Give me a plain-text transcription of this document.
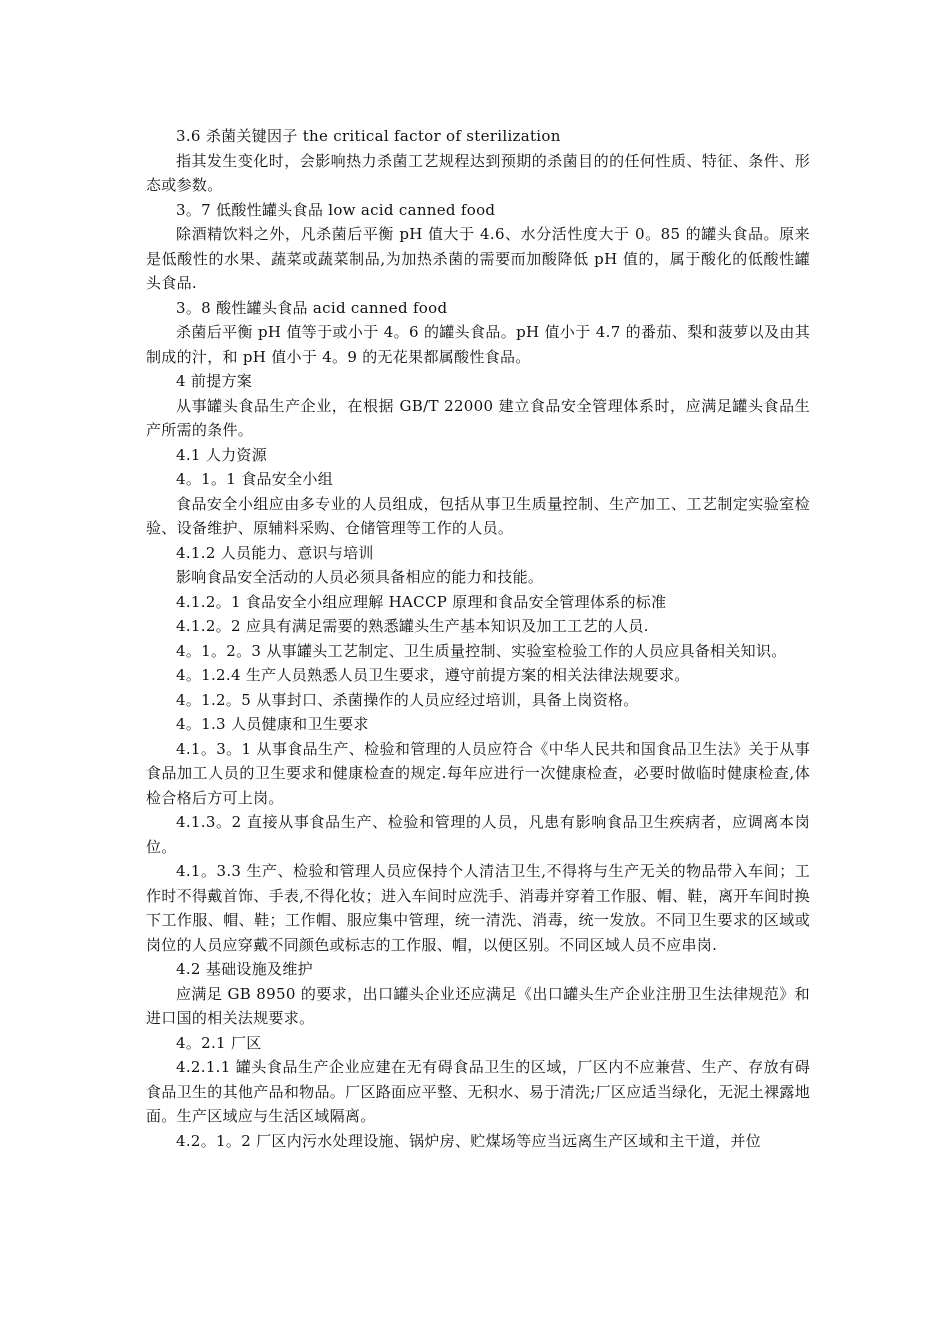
3.6 杀菌关键因子 the critical factor of sterilization

指其发生变化时，会影响热力杀菌工艺规程达到预期的杀菌目的的任何性质、特征、条件、形态或参数。

3。7 低酸性罐头食品 low acid canned food

除酒精饮料之外，凡杀菌后平衡 pH 值大于 4.6、水分活性度大于 0。85 的罐头食品。原来是低酸性的水果、蔬菜或蔬菜制品,为加热杀菌的需要而加酸降低 pH 值的，属于酸化的低酸性罐头食品.

3。8 酸性罐头食品 acid canned food

杀菌后平衡 pH 值等于或小于 4。6 的罐头食品。pH 值小于 4.7 的番茄、梨和菠萝以及由其制成的汁，和 pH 值小于 4。9 的无花果都属酸性食品。

4 前提方案

从事罐头食品生产企业，在根据 GB/T 22000 建立食品安全管理体系时，应满足罐头食品生产所需的条件。

4.1 人力资源

4。1。1 食品安全小组

食品安全小组应由多专业的人员组成，包括从事卫生质量控制、生产加工、工艺制定实验室检验、设备维护、原辅料采购、仓储管理等工作的人员。

4.1.2 人员能力、意识与培训

影响食品安全活动的人员必须具备相应的能力和技能。

4.1.2。1 食品安全小组应理解 HACCP 原理和食品安全管理体系的标准

4.1.2。2 应具有满足需要的熟悉罐头生产基本知识及加工工艺的人员.

4。1。2。3 从事罐头工艺制定、卫生质量控制、实验室检验工作的人员应具备相关知识。

4。1.2.4 生产人员熟悉人员卫生要求，遵守前提方案的相关法律法规要求。

4。1.2。5 从事封口、杀菌操作的人员应经过培训，具备上岗资格。

4。1.3 人员健康和卫生要求

4.1。3。1 从事食品生产、检验和管理的人员应符合《中华人民共和国食品卫生法》关于从事食品加工人员的卫生要求和健康检查的规定.每年应进行一次健康检查，必要时做临时健康检查,体检合格后方可上岗。

4.1.3。2 直接从事食品生产、检验和管理的人员，凡患有影响食品卫生疾病者，应调离本岗位。

4.1。3.3 生产、检验和管理人员应保持个人清洁卫生,不得将与生产无关的物品带入车间；工作时不得戴首饰、手表,不得化妆；进入车间时应洗手、消毒并穿着工作服、帽、鞋，离开车间时换下工作服、帽、鞋；工作帽、服应集中管理，统一清洗、消毒，统一发放。不同卫生要求的区域或岗位的人员应穿戴不同颜色或标志的工作服、帽，以便区别。不同区域人员不应串岗.

4.2 基础设施及维护

应满足 GB 8950 的要求，出口罐头企业还应满足《出口罐头生产企业注册卫生法律规范》和进口国的相关法规要求。

4。2.1 厂区

4.2.1.1 罐头食品生产企业应建在无有碍食品卫生的区域，厂区内不应兼营、生产、存放有碍食品卫生的其他产品和物品。厂区路面应平整、无积水、易于清洗;厂区应适当绿化，无泥土裸露地面。生产区域应与生活区域隔离。

4.2。1。2 厂区内污水处理设施、锅炉房、贮煤场等应当远离生产区域和主干道，并位
